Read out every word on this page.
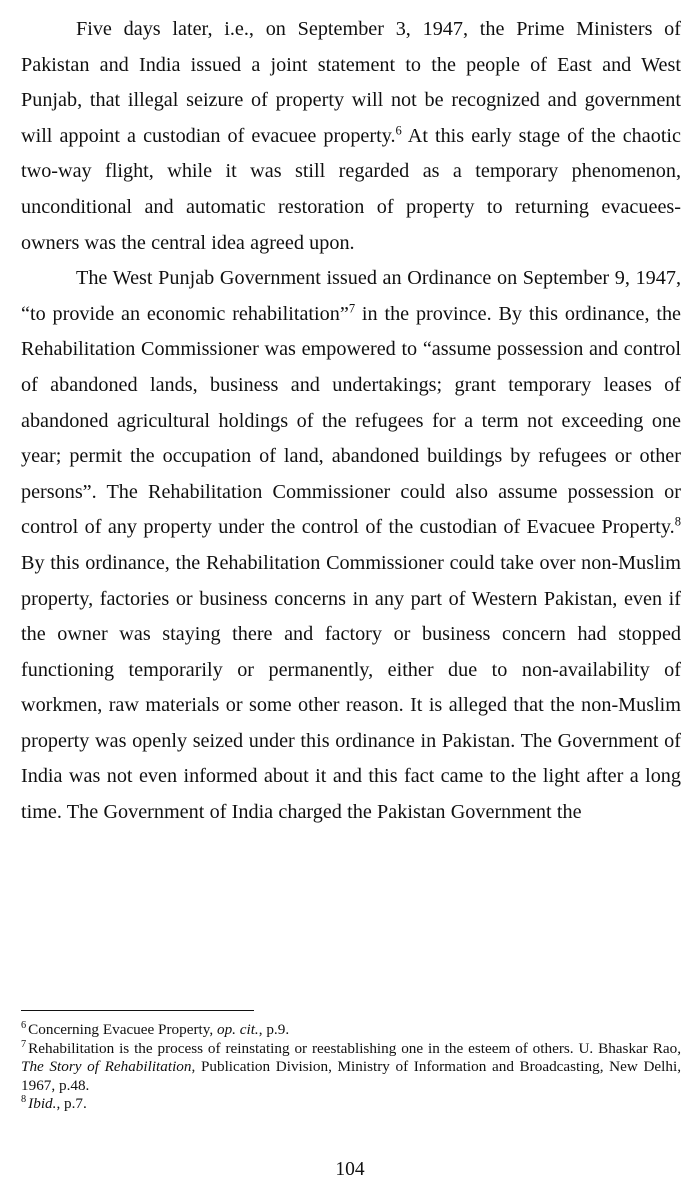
Five days later, i.e., on September 3, 1947, the Prime Ministers of Pakistan and India issued a joint statement to the people of East and West Punjab, that illegal seizure of property will not be recognized and government will appoint a custodian of evacuee property.$^6$ At this early stage of the chaotic two-way flight, while it was still regarded as a temporary phenomenon, unconditional and automatic restoration of property to returning evacuees-owners was the central idea agreed upon.

The West Punjab Government issued an Ordinance on September 9, 1947, “to provide an economic rehabilitation”$^7$ in the province. By this ordinance, the Rehabilitation Commissioner was empowered to “assume possession and control of abandoned lands, business and undertakings; grant temporary leases of abandoned agricultural holdings of the refugees for a term not exceeding one year; permit the occupation of land, abandoned buildings by refugees or other persons”. The Rehabilitation Commissioner could also assume possession or control of any property under the control of the custodian of Evacuee Property.$^8$ By this ordinance, the Rehabilitation Commissioner could take over non-Muslim property, factories or business concerns in any part of Western Pakistan, even if the owner was staying there and factory or business concern had stopped functioning temporarily or permanently, either due to non-availability of workmen, raw materials or some other reason. It is alleged that the non-Muslim property was openly seized under this ordinance in Pakistan. The Government of India was not even informed about it and this fact came to the light after a long time. The Government of India charged the Pakistan Government the

$^6$ Concerning Evacuee Property, op. cit., p.9.

$^7$ Rehabilitation is the process of reinstating or reestablishing one in the esteem of others. U. Bhaskar Rao, The Story of Rehabilitation, Publication Division, Ministry of Information and Broadcasting, New Delhi, 1967, p.48.

$^8$ Ibid., p.7.

104
